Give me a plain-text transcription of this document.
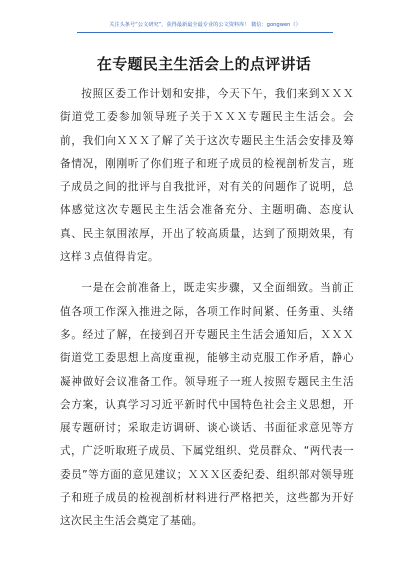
关注头条号“公文研究”，获得最新最全最专业的公文资料库！ 微信：gongwen（）
在专题民主生活会上的点评讲话

按照区委工作计划和安排，今天下午，我们来到ＸＸＸ街道党工委参加领导班子关于ＸＸＸ专题民主生活会。会前，我们向ＸＸＸ了解了关于这次专题民主生活会安排及筹备情况，刚刚听了你们班子和班子成员的检视剖析发言，班子成员之间的批评与自我批评，对有关的问题作了说明，总体感觉这次专题民主生活会准备充分、主题明确、态度认真、民主氛围浓厚，开出了较高质量，达到了预期效果，有这样３点值得肯定。

一是在会前准备上，既走实步骤，又全面细致。当前正值各项工作深入推进之际，各项工作时间紧、任务重、头绪多。经过了解，在接到召开专题民主生活会通知后，ＸＸＸ街道党工委思想上高度重视，能够主动克服工作矛盾，静心凝神做好会议准备工作。领导班子一班人按照专题民主生活会方案，认真学习习近平新时代中国特色社会主义思想，开展专题研讨；采取走访调研、谈心谈话、书面征求意见等方式，广泛听取班子成员、下属党组织、党员群众、“两代表一委员”等方面的意见建议；ＸＸＸ区委纪委、组织部对领导班子和班子成员的检视剖析材料进行严格把关，这些都为开好这次民主生活会奠定了基础。
